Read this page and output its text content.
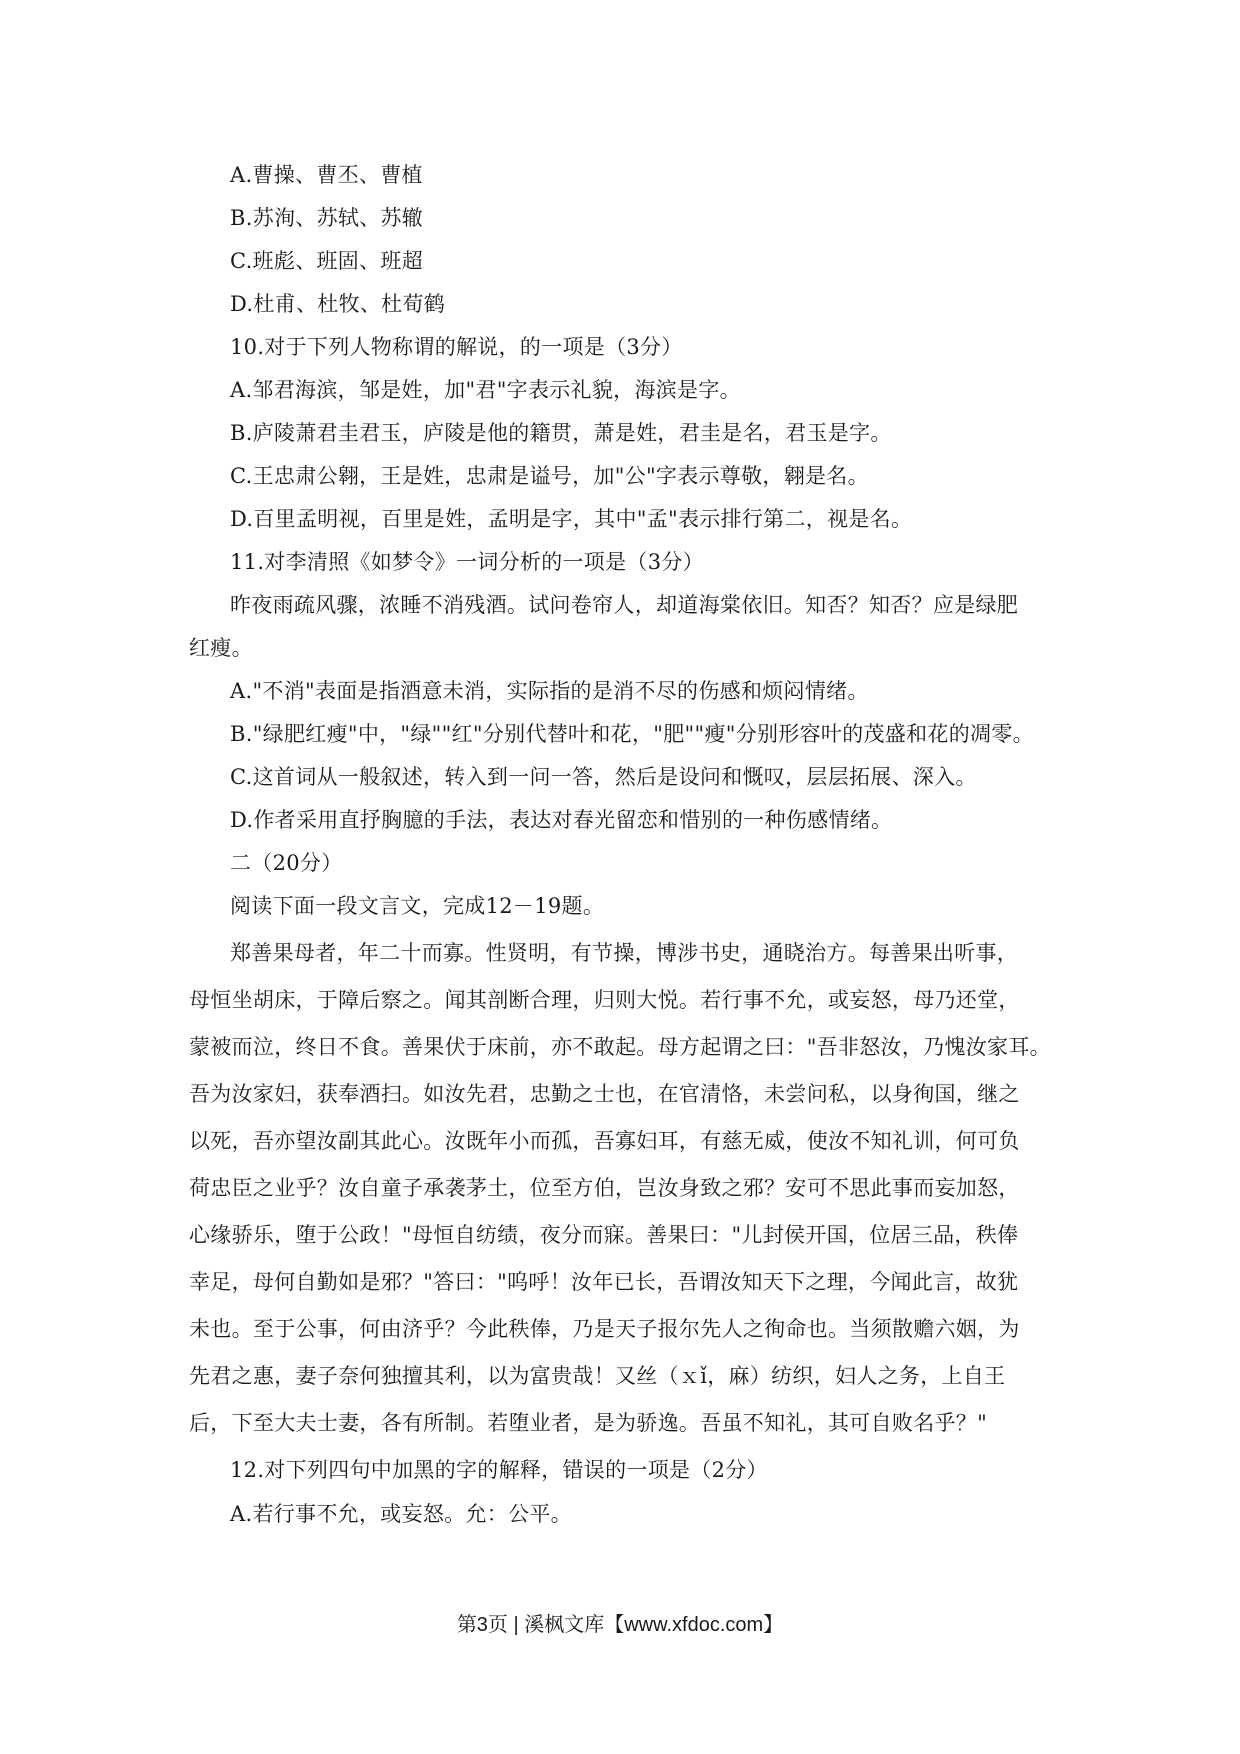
A.曹操、曹丕、曹植
B.苏洵、苏轼、苏辙
C.班彪、班固、班超
D.杜甫、杜牧、杜荀鹤
10.对于下列人物称谓的解说，的一项是（3分）
A.邹君海滨，邹是姓，加"君"字表示礼貌，海滨是字。
B.庐陵萧君圭君玉，庐陵是他的籍贯，萧是姓，君圭是名，君玉是字。
C.王忠肃公翱，王是姓，忠肃是谥号，加"公"字表示尊敬，翱是名。
D.百里孟明视，百里是姓，孟明是字，其中"孟"表示排行第二，视是名。
11.对李清照《如梦令》一词分析的一项是（3分）
昨夜雨疏风骤，浓睡不消残酒。试问卷帘人，却道海棠依旧。知否？知否？应是绿肥
红瘦。
A."不消"表面是指酒意未消，实际指的是消不尽的伤感和烦闷情绪。
B."绿肥红瘦"中，"绿""红"分别代替叶和花，"肥""瘦"分别形容叶的茂盛和花的凋零。
C.这首词从一般叙述，转入到一问一答，然后是设问和慨叹，层层拓展、深入。
D.作者采用直抒胸臆的手法，表达对春光留恋和惜别的一种伤感情绪。
二（20分）
阅读下面一段文言文，完成12－19题。
郑善果母者，年二十而寡。性贤明，有节操，博涉书史，通晓治方。每善果出听事，
母恒坐胡床，于障后察之。闻其剖断合理，归则大悦。若行事不允，或妄怒，母乃还堂，
蒙被而泣，终日不食。善果伏于床前，亦不敢起。母方起谓之曰："吾非怒汝，乃愧汝家耳。
吾为汝家妇，获奉酒扫。如汝先君，忠勤之士也，在官清恪，未尝问私，以身徇国，继之
以死，吾亦望汝副其此心。汝既年小而孤，吾寡妇耳，有慈无威，使汝不知礼训，何可负
荷忠臣之业乎？汝自童子承袭茅土，位至方伯，岂汝身致之邪？安可不思此事而妄加怒，
心缘骄乐，堕于公政！"母恒自纺绩，夜分而寐。善果曰："儿封侯开国，位居三品，秩俸
幸足，母何自勤如是邪？"答曰："呜呼！汝年已长，吾谓汝知天下之理，今闻此言，故犹
未也。至于公事，何由济乎？今此秩俸，乃是天子报尔先人之徇命也。当须散赡六姻，为
先君之惠，妻子奈何独擅其利，以为富贵哉！又丝（ｘǐ，麻）纺织，妇人之务，上自王
后，下至大夫士妻，各有所制。若堕业者，是为骄逸。吾虽不知礼，其可自败名乎？"
12.对下列四句中加黑的字的解释，错误的一项是（2分）
A.若行事不允，或妄怒。允：公平。
第3页 | 溪枫文库【www.xfdoc.com】
